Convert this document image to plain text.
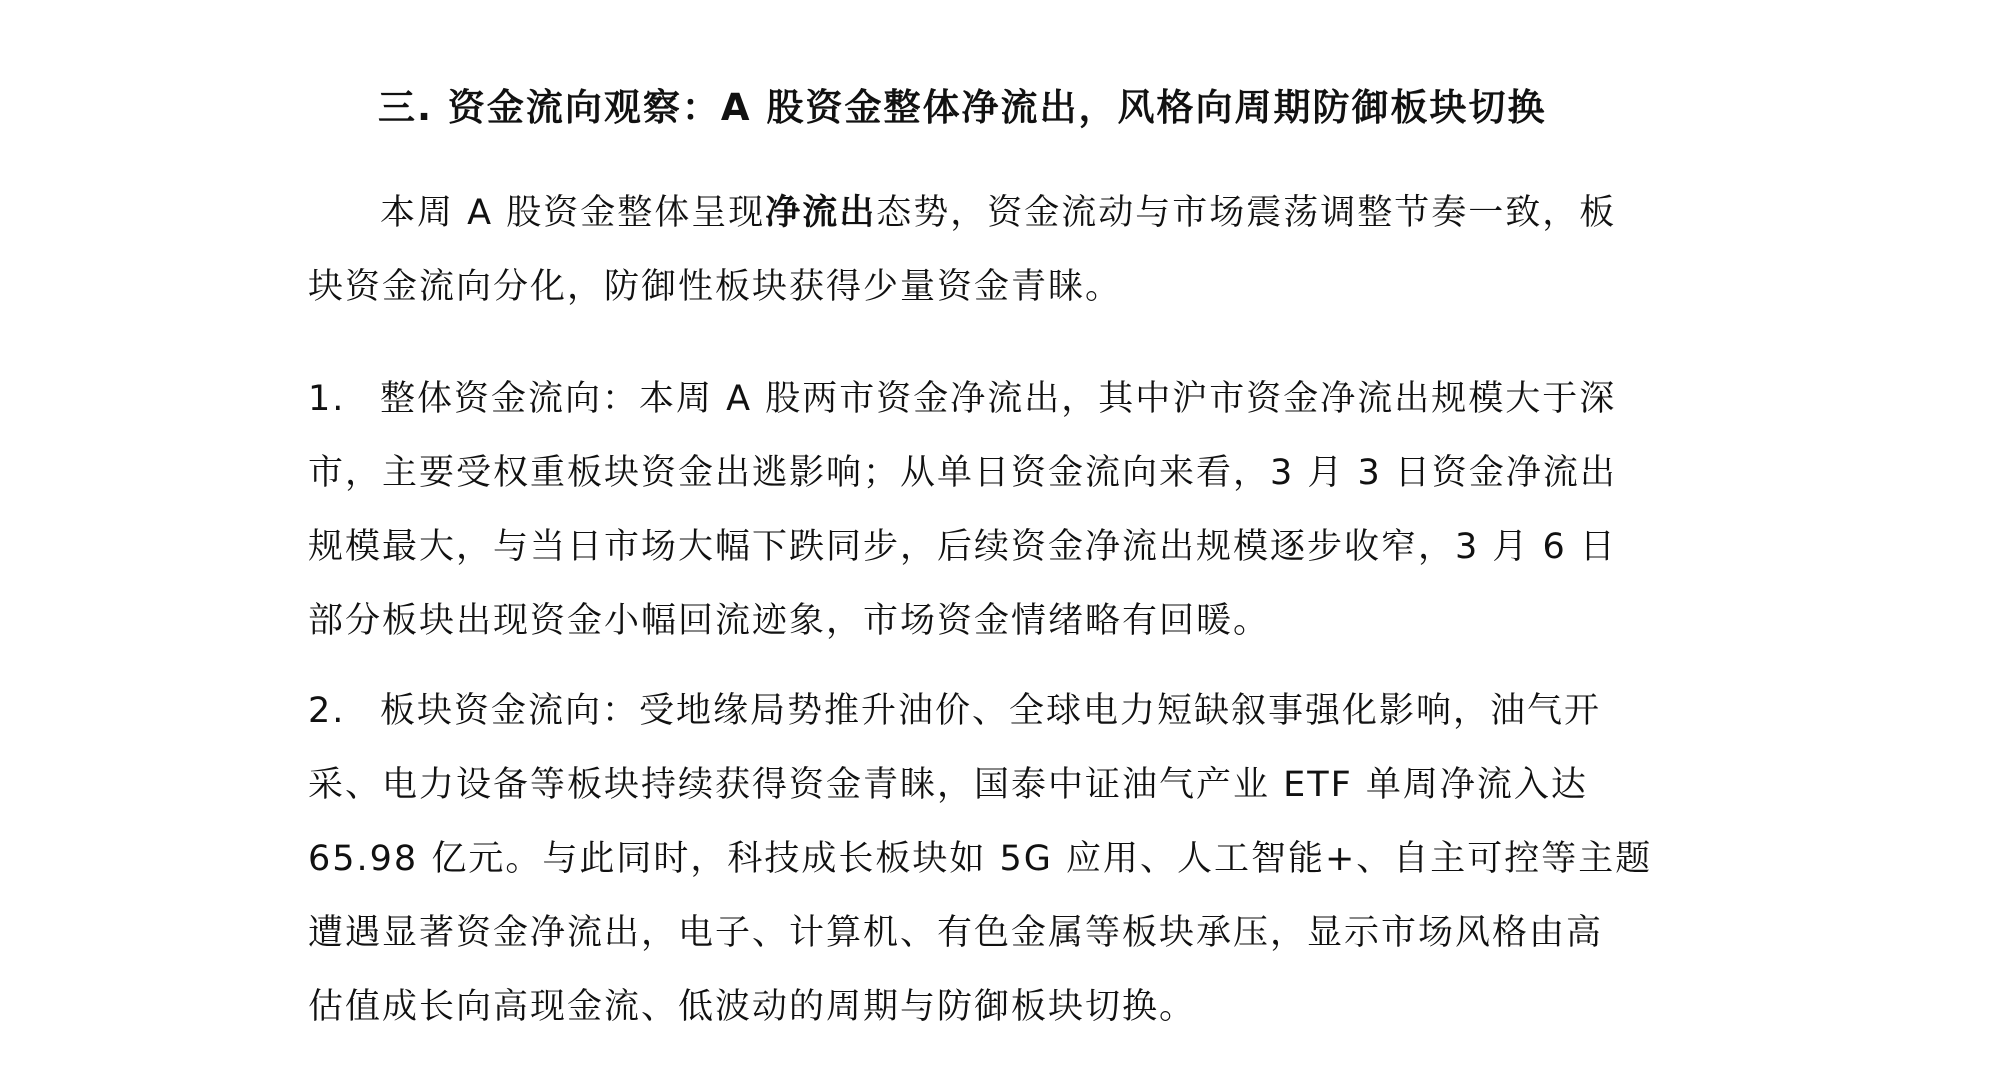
三. 资金流向观察：A 股资金整体净流出，风格向周期防御板块切换
本周 A 股资金整体呈现净流出态势，资金流动与市场震荡调整节奏一致，板
块资金流向分化，防御性板块获得少量资金青睐。
1. 整体资金流向：本周 A 股两市资金净流出，其中沪市资金净流出规模大于深
市，主要受权重板块资金出逃影响；从单日资金流向来看，3 月 3 日资金净流出
规模最大，与当日市场大幅下跌同步，后续资金净流出规模逐步收窄，3 月 6 日
部分板块出现资金小幅回流迹象，市场资金情绪略有回暖。
2. 板块资金流向：受地缘局势推升油价、全球电力短缺叙事强化影响，油气开
采、电力设备等板块持续获得资金青睐，国泰中证油气产业 ETF 单周净流入达
65.98 亿元。与此同时，科技成长板块如 5G 应用、人工智能+、自主可控等主题
遭遇显著资金净流出，电子、计算机、有色金属等板块承压，显示市场风格由高
估值成长向高现金流、低波动的周期与防御板块切换。
